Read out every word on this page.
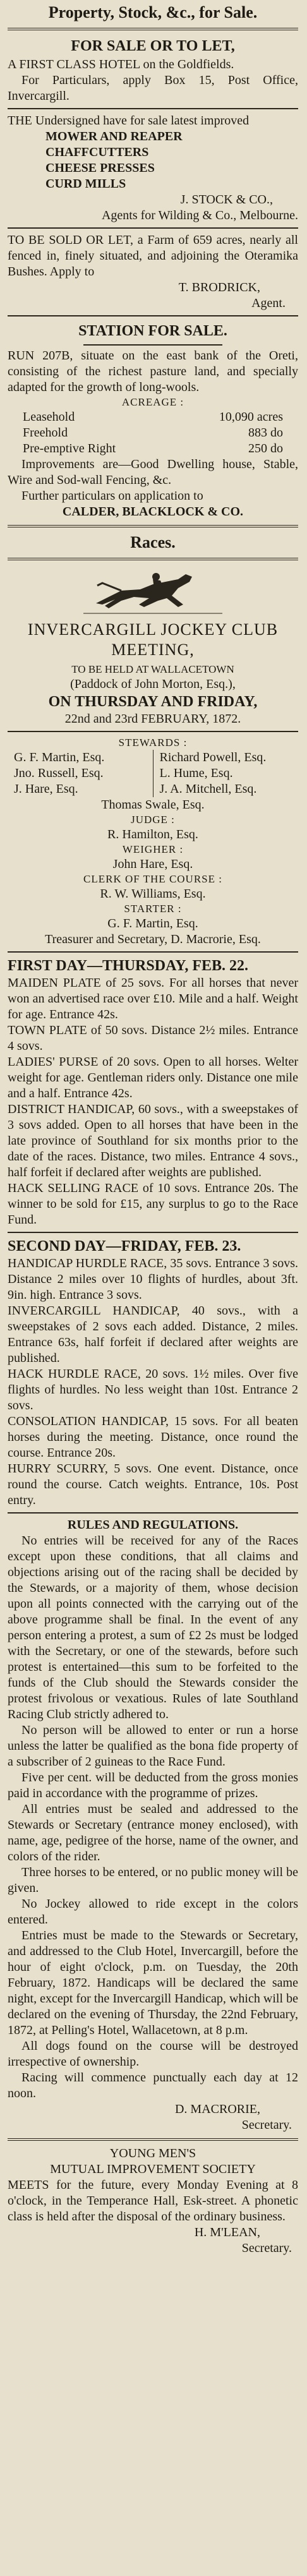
Property, Stock, &c., for Sale.
FOR SALE OR TO LET,

A FIRST CLASS HOTEL on the Goldfields.

For Particulars, apply Box 15, Post Office, Invercargill.

THE Undersigned have for sale latest improved

MOWER AND REAPER
CHAFFCUTTERS
CHEESE PRESSES
CURD MILLS
J. STOCK & CO.,
Agents for Wilding & Co., Melbourne.

TO BE SOLD OR LET, a Farm of 659 acres, nearly all fenced in, finely situated, and adjoining the Oteramika Bushes. Apply to

T. BRODRICK,
Agent.
STATION FOR SALE.

RUN 207B, situate on the east bank of the Oreti, consisting of the richest pasture land, and specially adapted for the growth of long-wools.

ACREAGE :
Leasehold	10,090 acres
Freehold	883 do
Pre-emptive Right	250 do

Improvements are—Good Dwelling house, Stable, Wire and Sod-wall Fencing, &c.

Further particulars on application to

CALDER, BLACKLOCK & CO.
Races.
INVERCARGILL JOCKEY CLUB MEETING,
TO BE HELD AT WALLACETOWN
(Paddock of John Morton, Esq.),
ON THURSDAY AND FRIDAY,
22nd and 23rd FEBRUARY, 1872.
STEWARDS :
G. F. Martin, Esq.
Jno. Russell, Esq.
J. Hare, Esq.
Richard Powell, Esq.
L. Hume, Esq.
J. A. Mitchell, Esq.
Thomas Swale, Esq.
JUDGE :
R. Hamilton, Esq.
WEIGHER :
John Hare, Esq.
CLERK OF THE COURSE :
R. W. Williams, Esq.
STARTER :
G. F. Martin, Esq.
Treasurer and Secretary, D. Macrorie, Esq.
FIRST DAY—THURSDAY, FEB. 22.

MAIDEN PLATE of 25 sovs. For all horses that never won an advertised race over £10. Mile and a half. Weight for age. Entrance 42s.

TOWN PLATE of 50 sovs. Distance 2½ miles. Entrance 4 sovs.

LADIES' PURSE of 20 sovs. Open to all horses. Welter weight for age. Gentleman riders only. Distance one mile and a half. Entrance 42s.

DISTRICT HANDICAP, 60 sovs., with a sweepstakes of 3 sovs added. Open to all horses that have been in the late province of Southland for six months prior to the date of the races. Distance, two miles. Entrance 4 sovs., half forfeit if declared after weights are published.

HACK SELLING RACE of 10 sovs. Entrance 20s. The winner to be sold for £15, any surplus to go to the Race Fund.

SECOND DAY—FRIDAY, FEB. 23.

HANDICAP HURDLE RACE, 35 sovs. Entrance 3 sovs. Distance 2 miles over 10 flights of hurdles, about 3ft. 9in. high. Entrance 3 sovs.

INVERCARGILL HANDICAP, 40 sovs., with a sweepstakes of 2 sovs each added. Distance, 2 miles. Entrance 63s, half forfeit if declared after weights are published.

HACK HURDLE RACE, 20 sovs. 1½ miles. Over five flights of hurdles. No less weight than 10st. Entrance 2 sovs.

CONSOLATION HANDICAP, 15 sovs. For all beaten horses during the meeting. Distance, once round the course. Entrance 20s.

HURRY SCURRY, 5 sovs. One event. Distance, once round the course. Catch weights. Entrance, 10s. Post entry.

RULES AND REGULATIONS.

No entries will be received for any of the Races except upon these conditions, that all claims and objections arising out of the racing shall be decided by the Stewards, or a majority of them, whose decision upon all points connected with the carrying out of the above programme shall be final. In the event of any person entering a protest, a sum of £2 2s must be lodged with the Secretary, or one of the stewards, before such protest is entertained—this sum to be forfeited to the funds of the Club should the Stewards consider the protest frivolous or vexatious. Rules of late Southland Racing Club strictly adhered to.

No person will be allowed to enter or run a horse unless the latter be qualified as the bona fide property of a subscriber of 2 guineas to the Race Fund.

Five per cent. will be deducted from the gross monies paid in accordance with the programme of prizes.

All entries must be sealed and addressed to the Stewards or Secretary (entrance money enclosed), with name, age, pedigree of the horse, name of the owner, and colors of the rider.

Three horses to be entered, or no public money will be given.

No Jockey allowed to ride except in the colors entered.

Entries must be made to the Stewards or Secretary, and addressed to the Club Hotel, Invercargill, before the hour of eight o'clock, p.m. on Tuesday, the 20th February, 1872. Handicaps will be declared the same night, except for the Invercargill Handicap, which will be declared on the evening of Thursday, the 22nd February, 1872, at Pelling's Hotel, Wallacetown, at 8 p.m.

All dogs found on the course will be destroyed irrespective of ownership.

Racing will commence punctually each day at 12 noon.

D. MACRORIE,
Secretary.
YOUNG MEN'S
MUTUAL IMPROVEMENT SOCIETY

MEETS for the future, every Monday Evening at 8 o'clock, in the Temperance Hall, Esk-street. A phonetic class is held after the disposal of the ordinary business.

H. M'LEAN,
Secretary.
